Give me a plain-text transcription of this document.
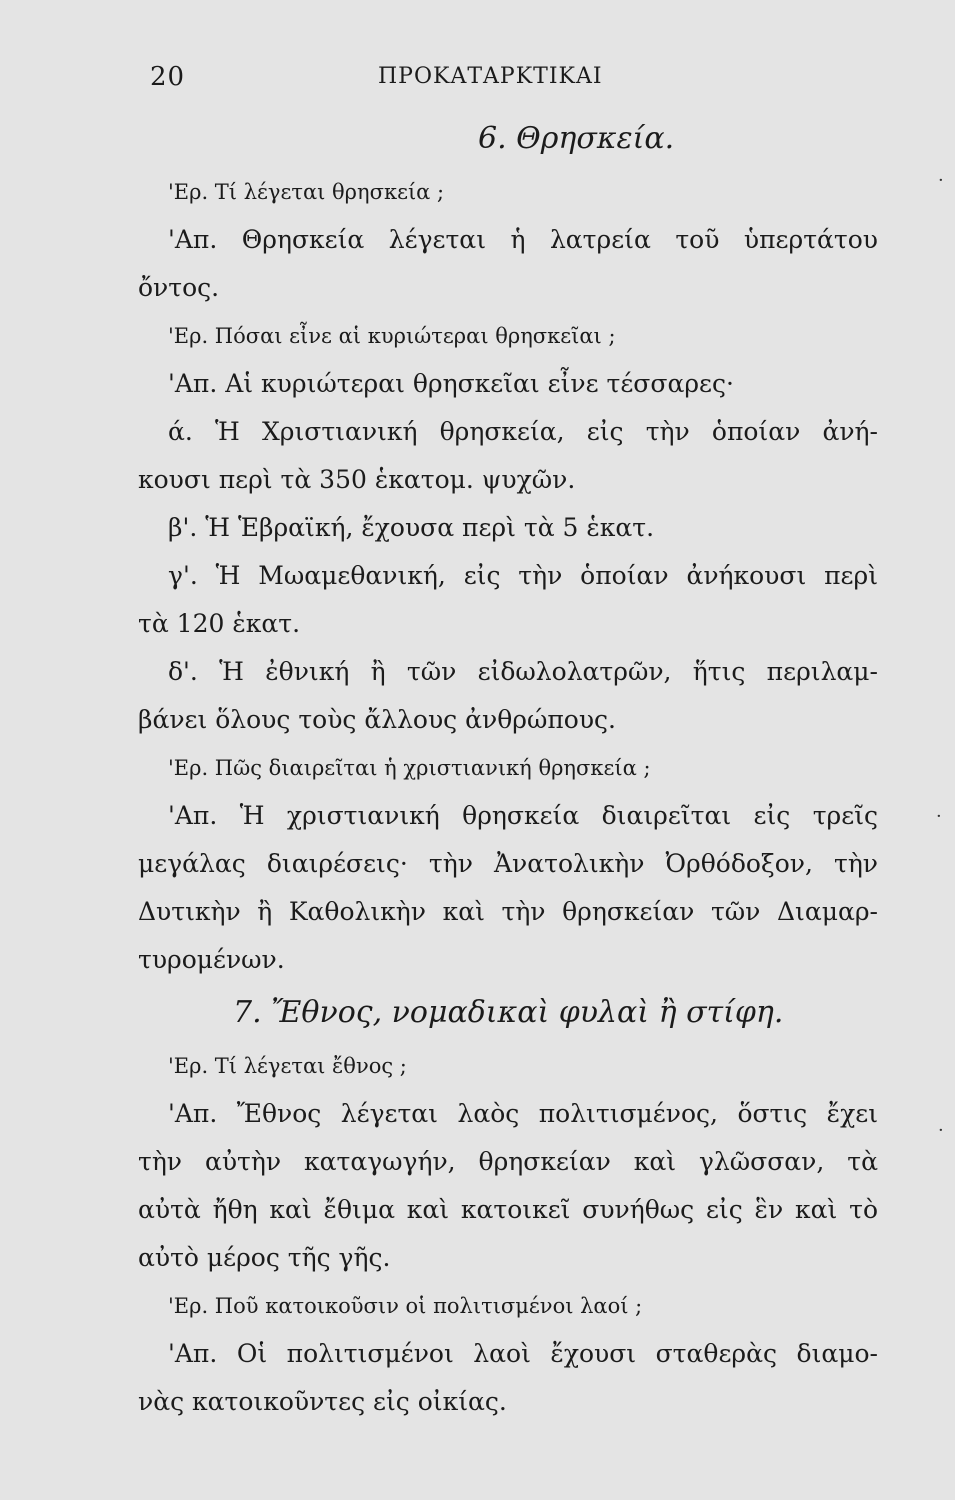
20	ΠΡΟΚΑΤΑΡΚΤΙΚΑΙ
6. Θρησκεία.
'Ερ. Τί λέγεται θρησκεία ;
'Απ. Θρησκεία λέγεται ἡ λατρεία τοῦ ὑπερτάτου
ὄντος.
'Ερ. Πόσαι εἶνε αἱ κυριώτεραι θρησκεῖαι ;
'Απ. Αἱ κυριώτεραι θρησκεῖαι εἶνε τέσσαρες·
ά. Ἡ Χριστιανική θρησκεία, εἰς τὴν ὁποίαν ἀνή-
κουσι περὶ τὰ 350 ἑκατομ. ψυχῶν.
β'. Ἡ Ἑβραϊκή, ἔχουσα περὶ τὰ 5 ἑκατ.
γ'. Ἡ Μωαμεθανική, εἰς τὴν ὁποίαν ἀνήκουσι περὶ
τὰ 120 ἑκατ.
δ'. Ἡ ἐθνική ἢ τῶν εἰδωλολατρῶν, ἥτις περιλαμ-
βάνει ὅλους τοὺς ἄλλους ἀνθρώπους.
'Ερ. Πῶς διαιρεῖται ἡ χριστιανική θρησκεία ;
'Απ. Ἡ χριστιανική θρησκεία διαιρεῖται εἰς τρεῖς
μεγάλας διαιρέσεις· τὴν Ἀνατολικὴν Ὀρθόδοξον, τὴν
Δυτικὴν ἢ Καθολικὴν καὶ τὴν θρησκείαν τῶν Διαμαρ-
τυρομένων.
7. Ἔθνος, νομαδικαὶ φυλαὶ ἢ στίφη.
'Ερ. Τί λέγεται ἔθνος ;
'Απ. Ἔθνος λέγεται λαὸς πολιτισμένος, ὅστις ἔχει
τὴν αὐτὴν καταγωγήν, θρησκείαν καὶ γλῶσσαν, τὰ
αὐτὰ ἤθη καὶ ἔθιμα καὶ κατοικεῖ συνήθως εἰς ἓν καὶ τὸ
αὐτὸ μέρος τῆς γῆς.
'Ερ. Ποῦ κατοικοῦσιν οἱ πολιτισμένοι λαοί ;
'Απ. Οἱ πολιτισμένοι λαοὶ ἔχουσι σταθερὰς διαμο-
νὰς κατοικοῦντες εἰς οἰκίας.
·
·
·
